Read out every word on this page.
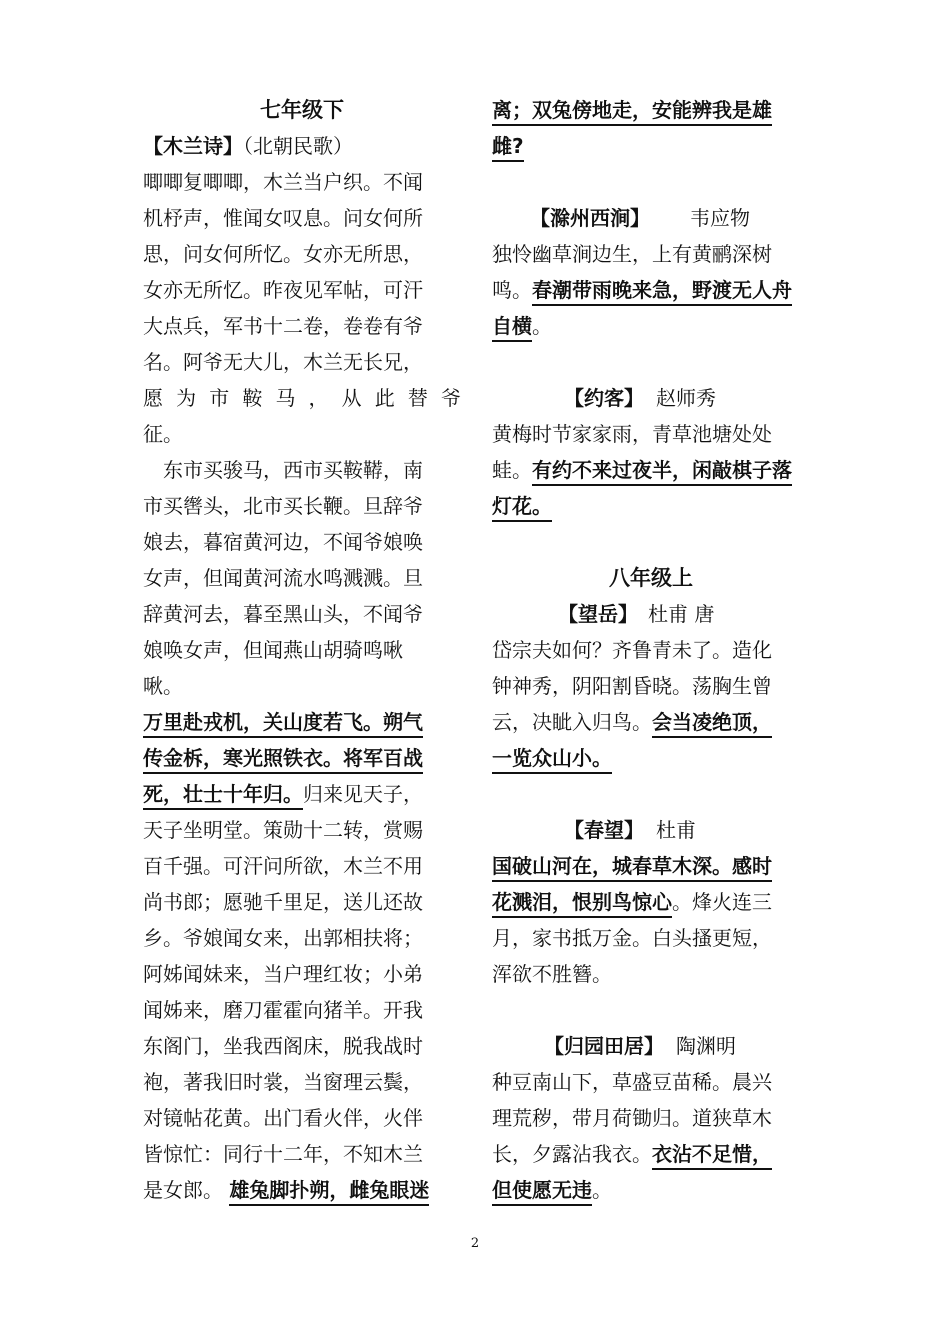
七年级下
【木兰诗】（北朝民歌）
唧唧复唧唧，木兰当户织。不闻
机杼声，惟闻女叹息。问女何所
思，问女何所忆。女亦无所思，
女亦无所忆。昨夜见军帖，可汗
大点兵，军书十二卷，卷卷有爷
名。阿爷无大儿，木兰无长兄，
愿为市鞍马，从此替爷
征。
　东市买骏马，西市买鞍鞯，南
市买辔头，北市买长鞭。旦辞爷
娘去，暮宿黄河边，不闻爷娘唤
女声，但闻黄河流水鸣溅溅。旦
辞黄河去，暮至黑山头，不闻爷
娘唤女声，但闻燕山胡骑鸣啾
啾。
万里赴戎机，关山度若飞。朔气
传金柝，寒光照铁衣。将军百战
死，壮士十年归。归来见天子，
天子坐明堂。策勋十二转，赏赐
百千强。可汗问所欲，木兰不用
尚书郎；愿驰千里足，送儿还故
乡。爷娘闻女来，出郭相扶将；
阿姊闻妹来，当户理红妆；小弟
闻姊来，磨刀霍霍向猪羊。开我
东阁门，坐我西阁床，脱我战时
袍，著我旧时裳，当窗理云鬓，
对镜帖花黄。出门看火伴，火伴
皆惊忙：同行十二年，不知木兰
是女郎。 雄兔脚扑朔，雌兔眼迷
离；双兔傍地走，安能辨我是雄
雌?
【滁州西涧】 韦应物
独怜幽草涧边生，上有黄鹂深树
鸣。春潮带雨晚来急，野渡无人舟
自横。
【约客】 赵师秀
黄梅时节家家雨，青草池塘处处
蛙。有约不来过夜半，闲敲棋子落
灯花。
八年级上
【望岳】 杜甫 唐
岱宗夫如何？齐鲁青未了。造化
钟神秀，阴阳割昏晓。荡胸生曾
云，决眦入归鸟。会当凌绝顶，
一览众山小。
【春望】 杜甫
国破山河在，城春草木深。感时
花溅泪，恨别鸟惊心。烽火连三
月，家书抵万金。白头搔更短，
浑欲不胜簪。
【归园田居】 陶渊明
种豆南山下，草盛豆苗稀。晨兴
理荒秽，带月荷锄归。道狭草木
长，夕露沾我衣。衣沾不足惜，
但使愿无违。
2
